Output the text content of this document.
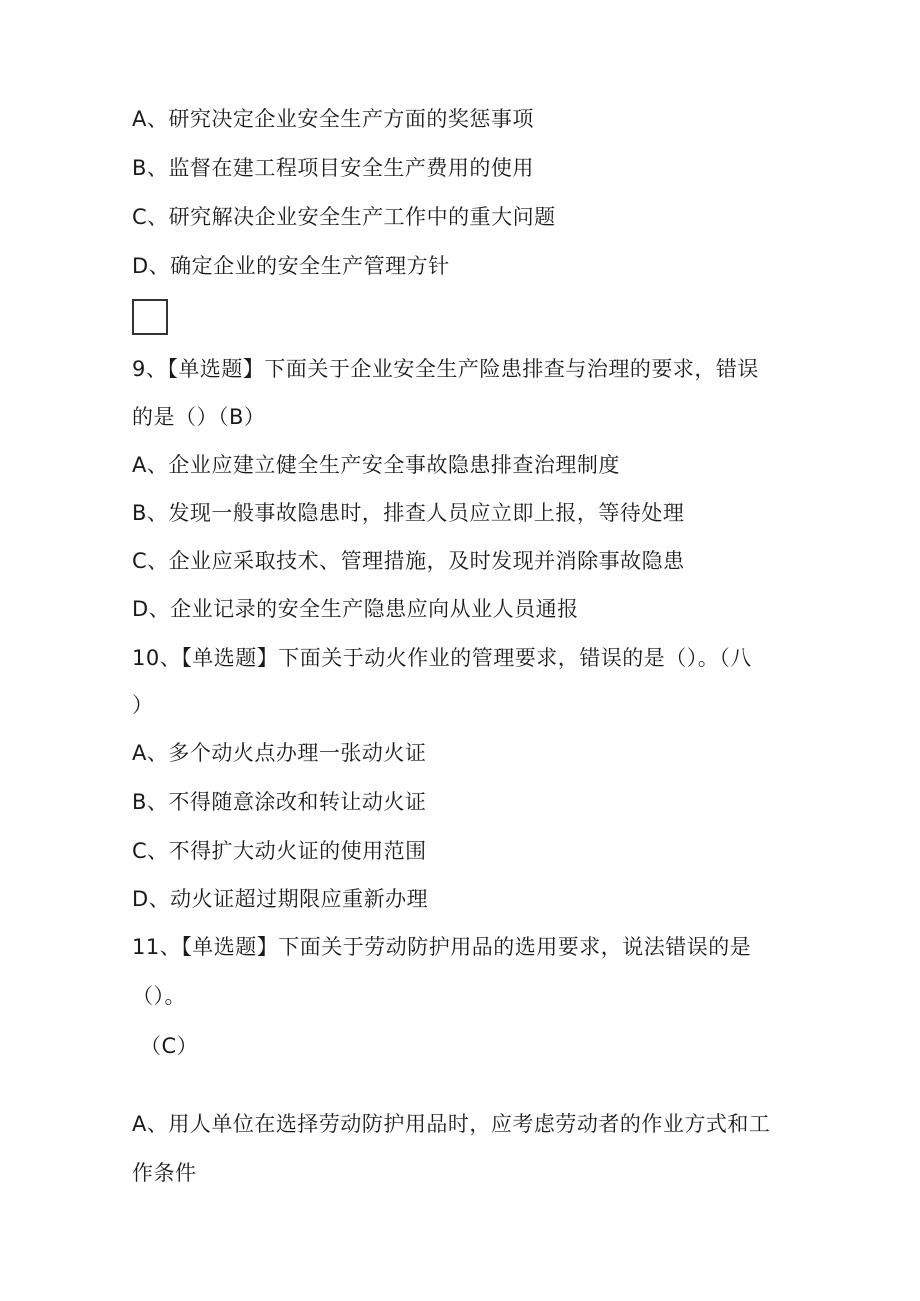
A、研究决定企业安全生产方面的奖惩事项
B、监督在建工程项目安全生产费用的使用
C、研究解决企业安全生产工作中的重大问题
D、确定企业的安全生产管理方针
9、【单选题】下面关于企业安全生产险患排查与治理的要求，错误
的是（）（B）
A、企业应建立健全生产安全事故隐患排查治理制度
B、发现一般事故隐患时，排查人员应立即上报，等待处理
C、企业应采取技术、管理措施，及时发现并消除事故隐患
D、企业记录的安全生产隐患应向从业人员通报
10、【单选题】下面关于动火作业的管理要求，错误的是（）。（八
）
A、多个动火点办理一张动火证
B、不得随意涂改和转让动火证
C、不得扩大动火证的使用范围
D、动火证超过期限应重新办理
11、【单选题】下面关于劳动防护用品的选用要求，说法错误的是
（）。
（C）
A、用人单位在选择劳动防护用品时，应考虑劳动者的作业方式和工
作条件
